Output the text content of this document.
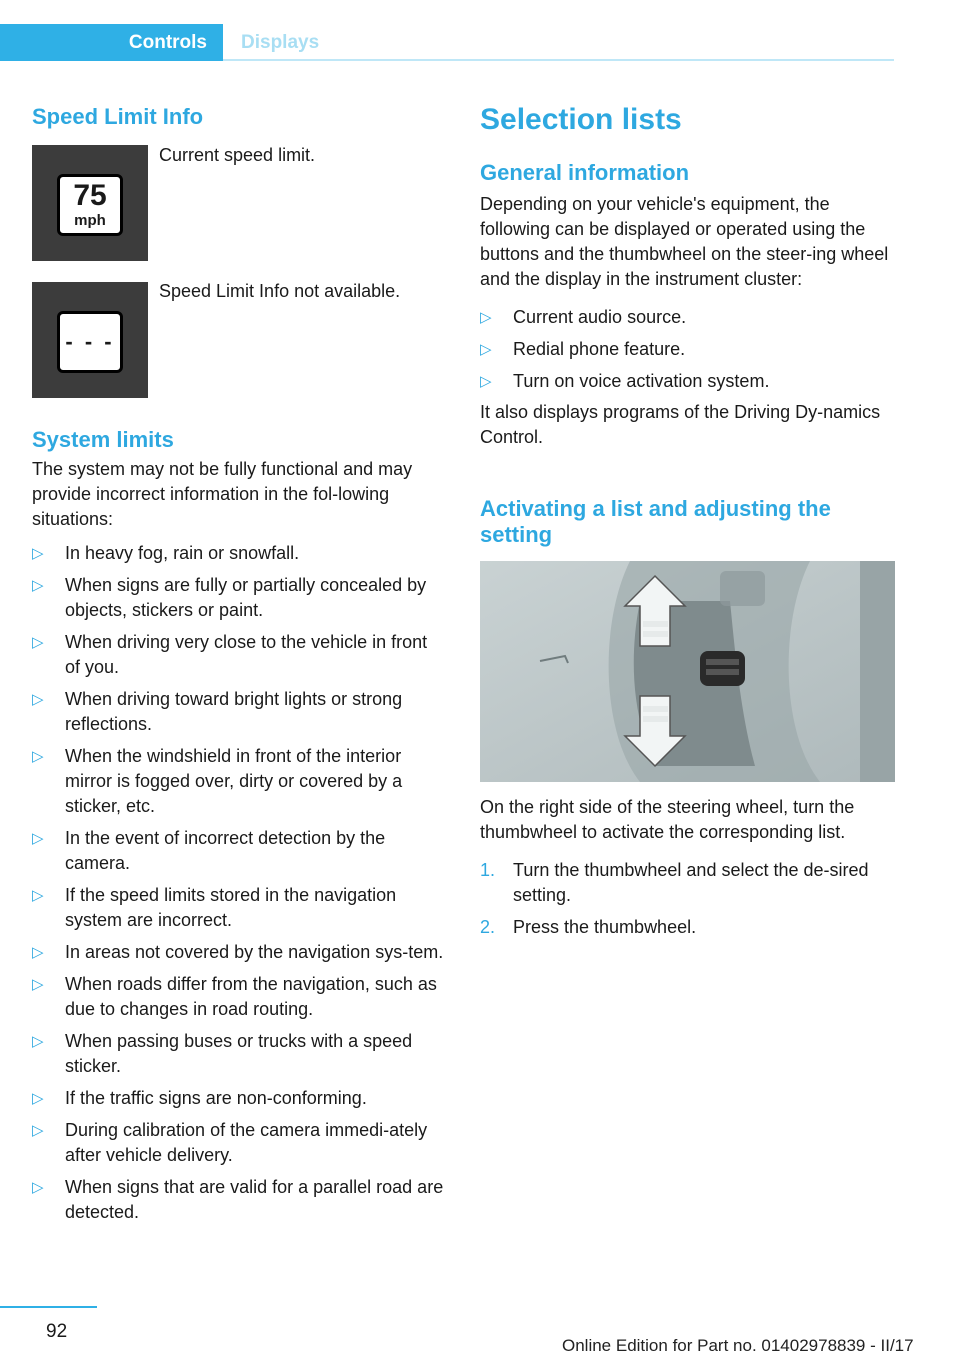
Controls	Displays
Speed Limit Info
75
mph

Current speed limit.

- - -

Speed Limit Info not available.

System limits

The system may not be fully functional and may provide incorrect information in the fol‐lowing situations:

▷ In heavy fog, rain or snowfall.
▷ When signs are fully or partially concealed by objects, stickers or paint.
▷ When driving very close to the vehicle in front of you.
▷ When driving toward bright lights or strong reflections.
▷ When the windshield in front of the interior mirror is fogged over, dirty or covered by a sticker, etc.
▷ In the event of incorrect detection by the camera.
▷ If the speed limits stored in the navigation system are incorrect.
▷ In areas not covered by the navigation sys‐tem.
▷ When roads differ from the navigation, such as due to changes in road routing.
▷ When passing buses or trucks with a speed sticker.
▷ If the traffic signs are non-conforming.
▷ During calibration of the camera immedi‐ately after vehicle delivery.
▷ When signs that are valid for a parallel road are detected.
Selection lists
General information

Depending on your vehicle's equipment, the following can be displayed or operated using the buttons and the thumbwheel on the steer‐ing wheel and the display in the instrument cluster:

▷ Current audio source.
▷ Redial phone feature.
▷ Turn on voice activation system.

It also displays programs of the Driving Dy‐namics Control.

Activating a list and adjusting the setting

On the right side of the steering wheel, turn the thumbwheel to activate the corresponding list.

1. Turn the thumbwheel and select the de‐sired setting.
2. Press the thumbwheel.
92
Online Edition for Part no. 01402978839 - II/17
